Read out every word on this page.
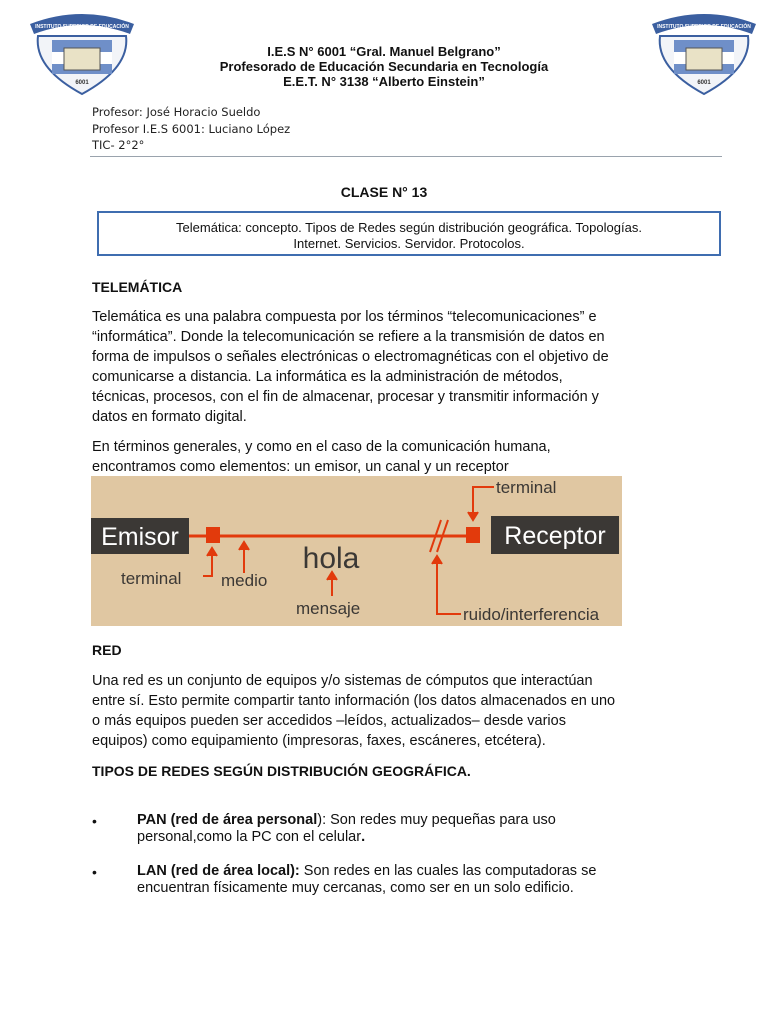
INSTITUTO SUPERIOR DE EDUCACIÓN
6001
INSTITUTO SUPERIOR DE EDUCACIÓN
6001
I.E.S N° 6001 “Gral. Manuel Belgrano”
Profesorado de Educación Secundaria en Tecnología
E.E.T. N° 3138 “Alberto Einstein”
Profesor: José Horacio Sueldo
Profesor I.E.S 6001: Luciano López
TIC- 2°2°
CLASE N° 13
Telemática: concepto. Tipos de Redes según distribución geográfica. Topologías.
Internet. Servicios. Servidor. Protocolos.
TELEMÁTICA
Telemática es una palabra compuesta por los términos “telecomunicaciones” e
“informática”. Donde la telecomunicación se refiere a la transmisión de datos en
forma de impulsos o señales electrónicas o electromagnéticas con el objetivo de
comunicarse a distancia. La informática es la administración de métodos,
técnicas, procesos, con el fin de almacenar, procesar y transmitir información y
datos en formato digital.
En términos generales, y como en el caso de la comunicación humana,
encontramos como elementos: un emisor, un canal y un receptor
Emisor	Receptor
terminal medio
hola
mensaje
terminal
ruido/interferencia
RED
Una red es un conjunto de equipos y/o sistemas de cómputos que interactúan
entre sí. Esto permite compartir tanto información (los datos almacenados en uno
o más equipos pueden ser accedidos –leídos, actualizados– desde varios
equipos) como equipamiento (impresoras, faxes, escáneres, etcétera).
TIPOS DE REDES SEGÚN DISTRIBUCIÓN GEOGRÁFICA.
•	PAN (red de área personal): Son redes muy pequeñas para uso
personal,como la PC con el celular.
•	LAN (red de área local): Son redes en las cuales las computadoras se
encuentran físicamente muy cercanas, como ser en un solo edificio.
